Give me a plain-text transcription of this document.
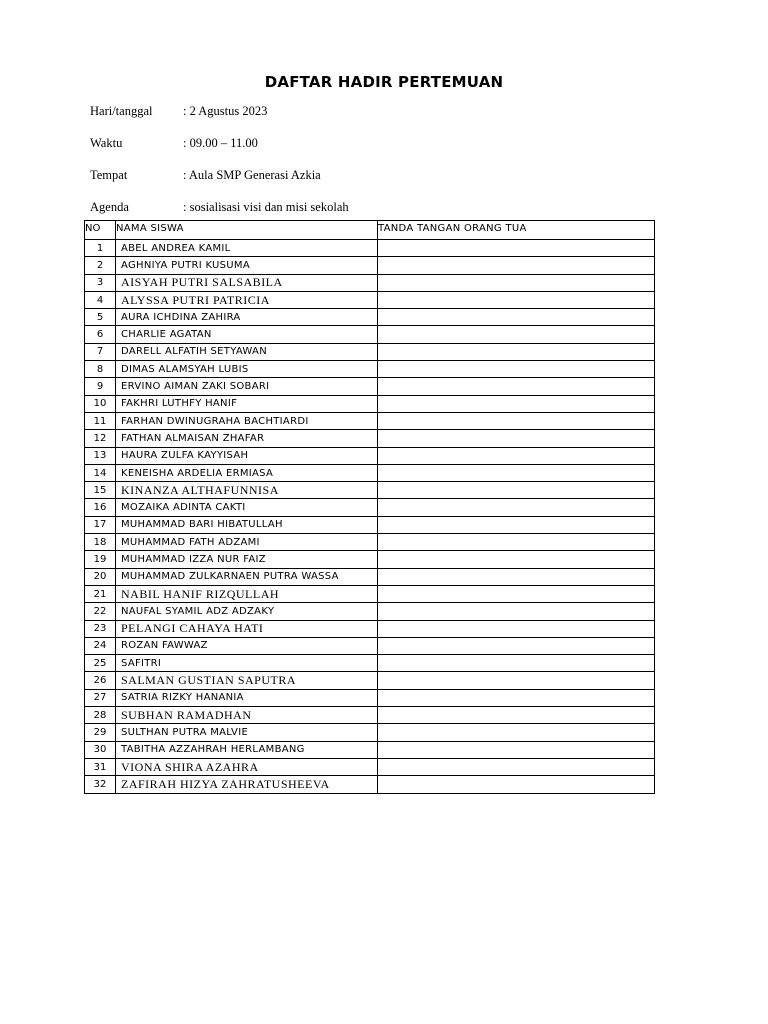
DAFTAR HADIR PERTEMUAN
Hari/tanggal : 2 Agustus 2023
Waktu	: 09.00 – 11.00
Tempat	: Aula SMP Generasi Azkia
Agenda	: sosialisasi visi dan misi sekolah
NO	NAMA SISWA	TANDA TANGAN ORANG TUA
1	ABEL ANDREA KAMIL	
2	AGHNIYA PUTRI KUSUMA	
3	AISYAH PUTRI SALSABILA	
4	ALYSSA PUTRI PATRICIA	
5	AURA ICHDINA ZAHIRA	
6	CHARLIE AGATAN	
7	DARELL ALFATIH SETYAWAN	
8	DIMAS ALAMSYAH LUBIS	
9	ERVINO AIMAN ZAKI SOBARI	
10	FAKHRI LUTHFY HANIF	
11	FARHAN DWINUGRAHA BACHTIARDI	
12	FATHAN ALMAISAN ZHAFAR	
13	HAURA ZULFA KAYYISAH	
14	KENEISHA ARDELIA ERMIASA	
15	KINANZA ALTHAFUNNISA	
16	MOZAIKA ADINTA CAKTI	
17	MUHAMMAD BARI HIBATULLAH	
18	MUHAMMAD FATH ADZAMI	
19	MUHAMMAD IZZA NUR FAIZ	
20	MUHAMMAD ZULKARNAEN PUTRA WASSA	
21	NABIL HANIF RIZQULLAH	
22	NAUFAL SYAMIL ADZ ADZAKY	
23	PELANGI CAHAYA HATI	
24	ROZAN FAWWAZ	
25	SAFITRI	
26	SALMAN GUSTIAN SAPUTRA	
27	SATRIA RIZKY HANANIA	
28	SUBHAN RAMADHAN	
29	SULTHAN PUTRA MALVIE	
30	TABITHA AZZAHRAH HERLAMBANG	
31	VIONA SHIRA AZAHRA	
32	ZAFIRAH HIZYA ZAHRATUSHEEVA	
